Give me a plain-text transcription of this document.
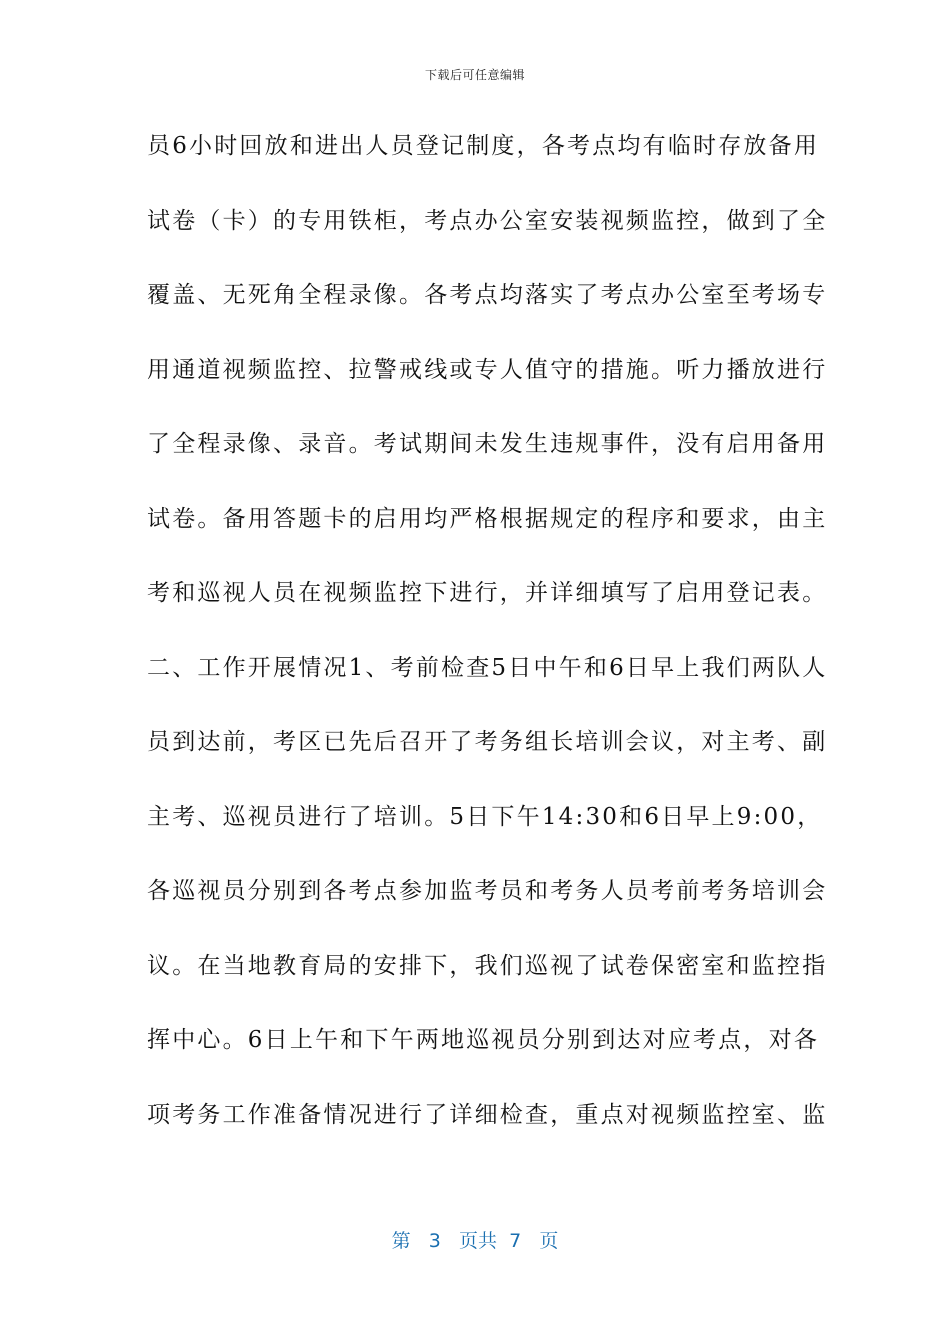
下载后可任意编辑
员6小时回放和进出人员登记制度，各考点均有临时存放备用
试卷（卡）的专用铁柜，考点办公室安装视频监控，做到了全
覆盖、无死角全程录像。各考点均落实了考点办公室至考场专
用通道视频监控、拉警戒线或专人值守的措施。听力播放进行
了全程录像、录音。考试期间未发生违规事件，没有启用备用
试卷。备用答题卡的启用均严格根据规定的程序和要求，由主
考和巡视人员在视频监控下进行，并详细填写了启用登记表。
二、工作开展情况1、考前检查5日中午和6日早上我们两队人
员到达前，考区已先后召开了考务组长培训会议，对主考、副
主考、巡视员进行了培训。5日下午14:30和6日早上9:00，
各巡视员分别到各考点参加监考员和考务人员考前考务培训会
议。在当地教育局的安排下，我们巡视了试卷保密室和监控指
挥中心。6日上午和下午两地巡视员分别到达对应考点，对各
项考务工作准备情况进行了详细检查，重点对视频监控室、监
第 3 页共 7 页
